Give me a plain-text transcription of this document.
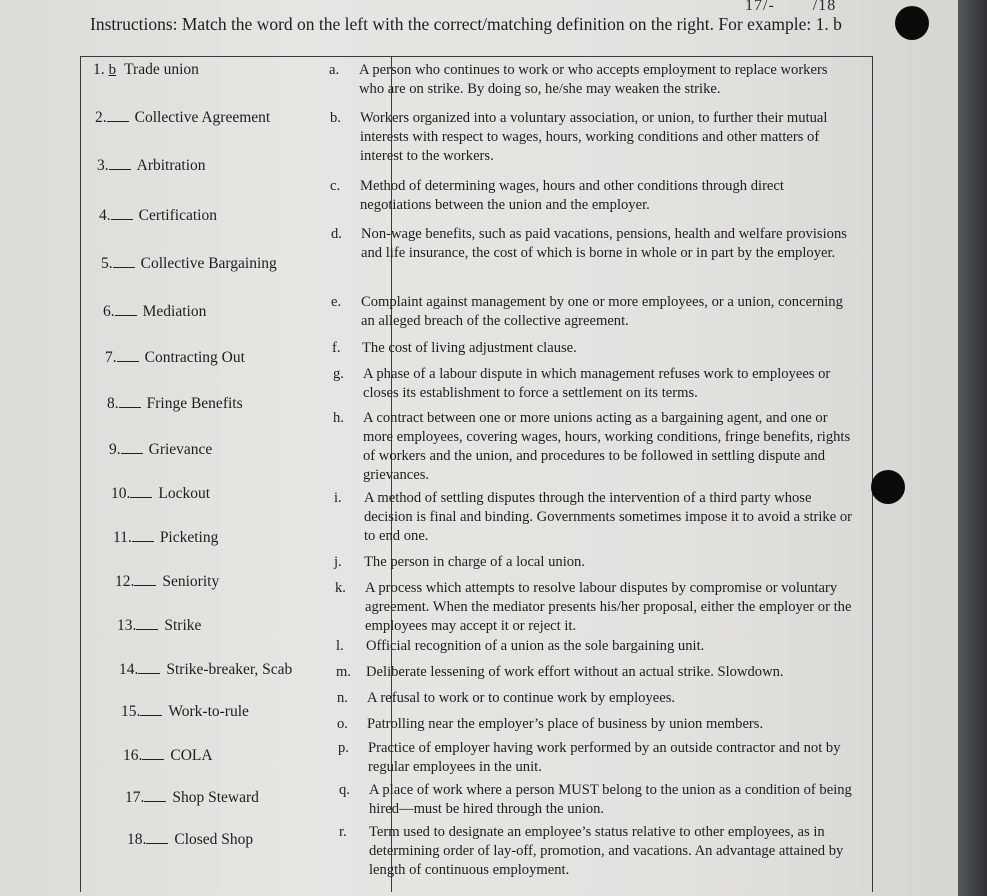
17/- /18
Instructions: Match the word on the left with the correct/matching definition on the right. For example: 1. b
1. b Trade union
2. Collective Agreement
3. Arbitration
4. Certification
5. Collective Bargaining
6. Mediation
7. Contracting Out
8. Fringe Benefits
9. Grievance
10. Lockout
11. Picketing
12. Seniority
13. Strike
14. Strike-breaker, Scab
15. Work-to-rule
16. COLA
17. Shop Steward
18. Closed Shop
a.	A person who continues to work or who accepts employment to replace workers who are on strike. By doing so, he/she may weaken the strike.
b.	Workers organized into a voluntary association, or union, to further their mutual interests with respect to wages, hours, working conditions and other matters of interest to the workers.
c.	Method of determining wages, hours and other conditions through direct negotiations between the union and the employer.
d.	Non-wage benefits, such as paid vacations, pensions, health and welfare provisions and life insurance, the cost of which is borne in whole or in part by the employer.
e.	Complaint against management by one or more employees, or a union, concerning an alleged breach of the collective agreement.
f.	The cost of living adjustment clause.
g.	A phase of a labour dispute in which management refuses work to employees or closes its establishment to force a settlement on its terms.
h.	A contract between one or more unions acting as a bargaining agent, and one or more employees, covering wages, hours, working conditions, fringe benefits, rights of workers and the union, and procedures to be followed in settling dispute and grievances.
i.	A method of settling disputes through the intervention of a third party whose decision is final and binding. Governments sometimes impose it to avoid a strike or to end one.
j.	The person in charge of a local union.
k.	A process which attempts to resolve labour disputes by compromise or voluntary agreement. When the mediator presents his/her proposal, either the employer or the employees may accept it or reject it.
l.	Official recognition of a union as the sole bargaining unit.
m.	Deliberate lessening of work effort without an actual strike. Slowdown.
n.	A refusal to work or to continue work by employees.
o.	Patrolling near the employer’s place of business by union members.
p.	Practice of employer having work performed by an outside contractor and not by regular employees in the unit.
q.	A place of work where a person MUST belong to the union as a condition of being hired—must be hired through the union.
r.	Term used to designate an employee’s status relative to other employees, as in determining order of lay-off, promotion, and vacations. An advantage attained by length of continuous employment.
